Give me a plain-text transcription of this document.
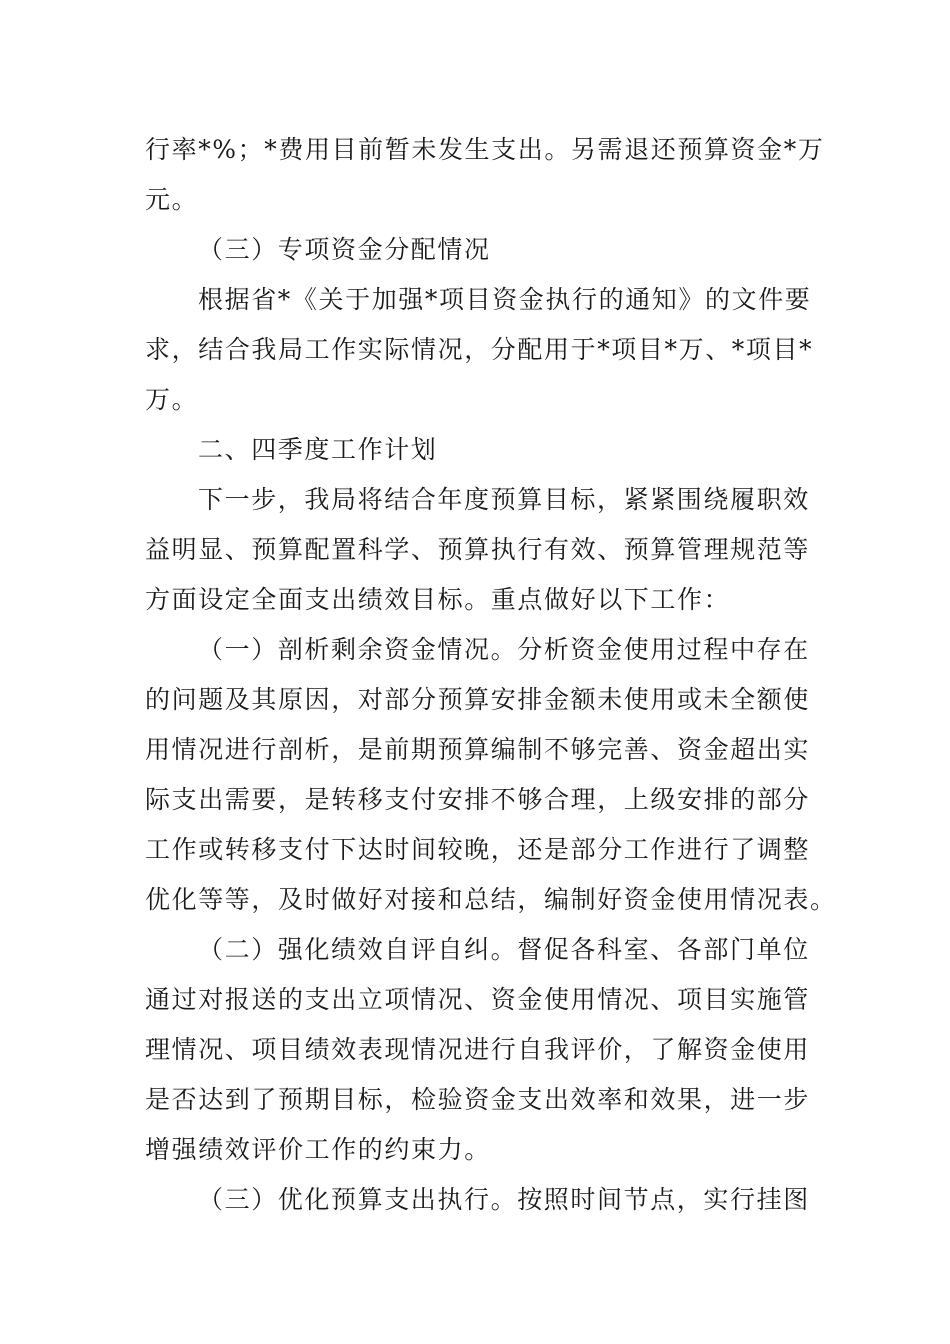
行率*%；*费用目前暂未发生支出。另需退还预算资金*万
元。
（三）专项资金分配情况
根据省*《关于加强*项目资金执行的通知》的文件要
求，结合我局工作实际情况，分配用于*项目*万、*项目*
万。
二、四季度工作计划
下一步，我局将结合年度预算目标，紧紧围绕履职效
益明显、预算配置科学、预算执行有效、预算管理规范等
方面设定全面支出绩效目标。重点做好以下工作：
（一）剖析剩余资金情况。分析资金使用过程中存在
的问题及其原因，对部分预算安排金额未使用或未全额使
用情况进行剖析，是前期预算编制不够完善、资金超出实
际支出需要，是转移支付安排不够合理，上级安排的部分
工作或转移支付下达时间较晚，还是部分工作进行了调整
优化等等，及时做好对接和总结，编制好资金使用情况表。
（二）强化绩效自评自纠。督促各科室、各部门单位
通过对报送的支出立项情况、资金使用情况、项目实施管
理情况、项目绩效表现情况进行自我评价，了解资金使用
是否达到了预期目标，检验资金支出效率和效果，进一步
增强绩效评价工作的约束力。
（三）优化预算支出执行。按照时间节点，实行挂图
